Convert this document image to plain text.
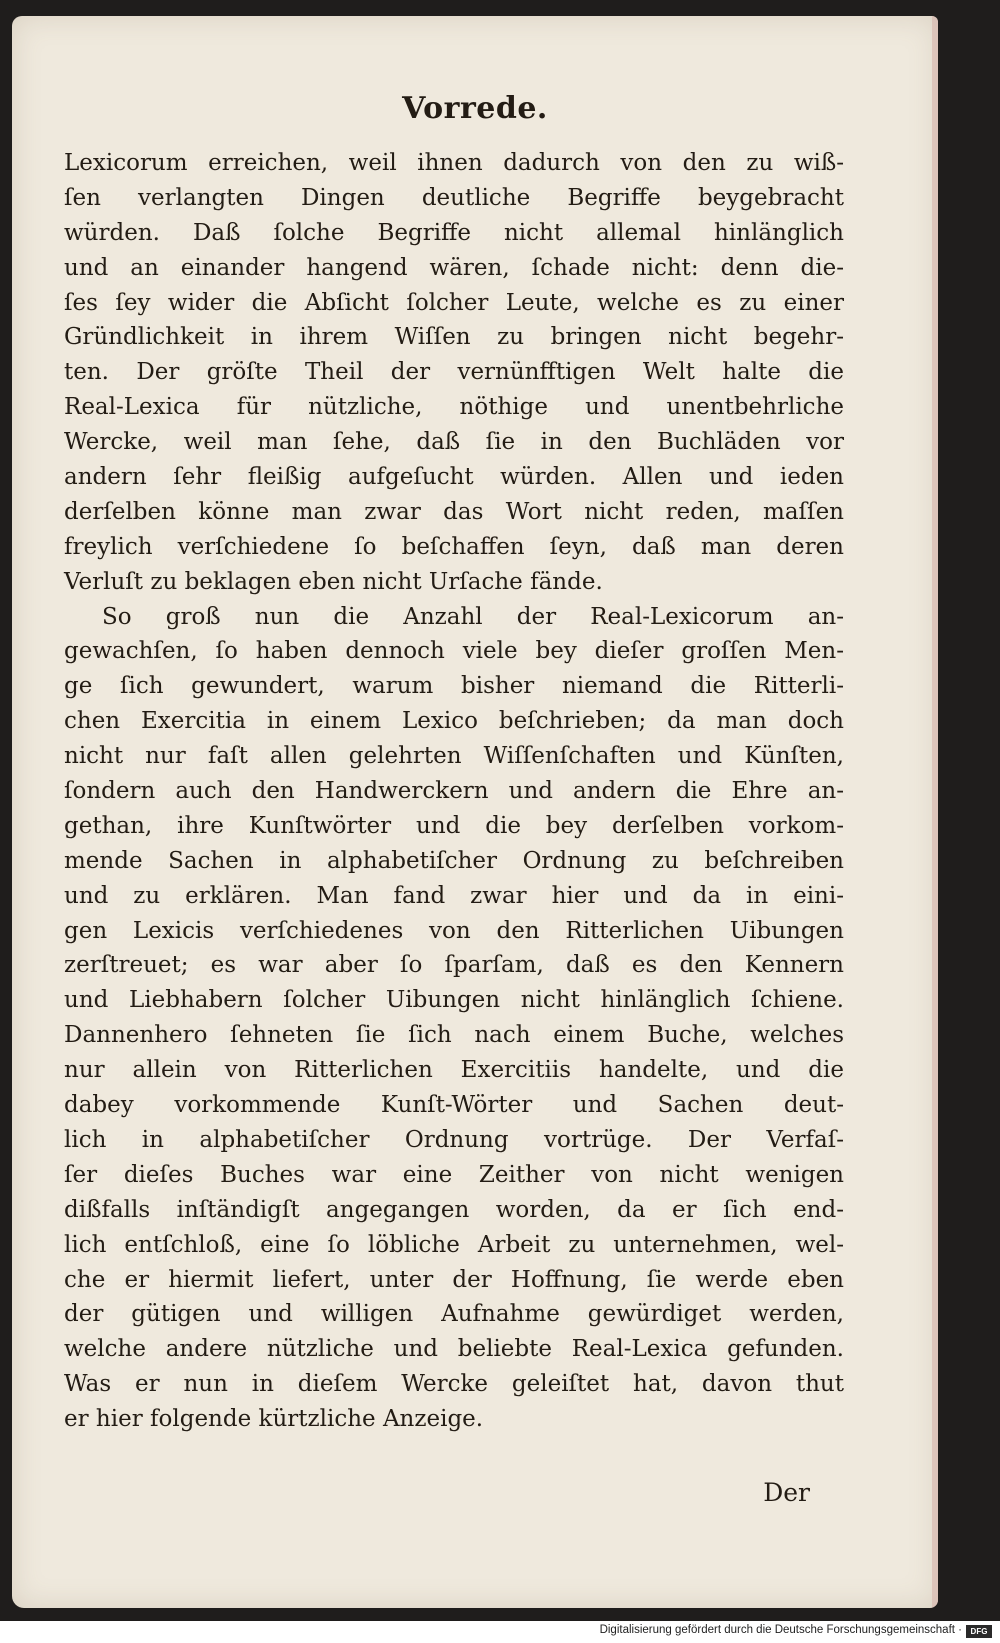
Vorrede.
Lexicorum erreichen, weil ihnen dadurch von den zu wiß-
ſen verlangten Dingen deutliche Begriffe beygebracht
würden. Daß ſolche Begriffe nicht allemal hinlänglich
und an einander hangend wären, ſchade nicht: denn die-
ſes ſey wider die Abſicht ſolcher Leute, welche es zu einer
Gründlichkeit in ihrem Wiſſen zu bringen nicht begehr-
ten. Der gröſte Theil der vernünfftigen Welt halte die
Real-Lexica für nützliche, nöthige und unentbehrliche
Wercke, weil man ſehe, daß ſie in den Buchläden vor
andern ſehr fleißig aufgeſucht würden. Allen und ieden
derſelben könne man zwar das Wort nicht reden, maſſen
freylich verſchiedene ſo beſchaffen ſeyn, daß man deren
Verluſt zu beklagen eben nicht Urſache fände.
So groß nun die Anzahl der Real-Lexicorum an-
gewachſen, ſo haben dennoch viele bey dieſer groſſen Men-
ge ſich gewundert, warum bisher niemand die Ritterli-
chen Exercitia in einem Lexico beſchrieben; da man doch
nicht nur faſt allen gelehrten Wiſſenſchaften und Künſten,
ſondern auch den Handwerckern und andern die Ehre an-
gethan, ihre Kunſtwörter und die bey derſelben vorkom-
mende Sachen in alphabetiſcher Ordnung zu beſchreiben
und zu erklären. Man fand zwar hier und da in eini-
gen Lexicis verſchiedenes von den Ritterlichen Uibungen
zerſtreuet; es war aber ſo ſparſam, daß es den Kennern
und Liebhabern ſolcher Uibungen nicht hinlänglich ſchiene.
Dannenhero ſehneten ſie ſich nach einem Buche, welches
nur allein von Ritterlichen Exercitiis handelte, und die
dabey vorkommende Kunſt-Wörter und Sachen deut-
lich in alphabetiſcher Ordnung vortrüge. Der Verfaſ-
ſer dieſes Buches war eine Zeither von nicht wenigen
dißfalls inſtändigſt angegangen worden, da er ſich end-
lich entſchloß, eine ſo löbliche Arbeit zu unternehmen, wel-
che er hiermit liefert, unter der Hoffnung, ſie werde eben
der gütigen und willigen Aufnahme gewürdiget werden,
welche andere nützliche und beliebte Real-Lexica gefunden.
Was er nun in dieſem Wercke geleiſtet hat, davon thut
er hier folgende kürtzliche Anzeige.
Der
Digitalisierung gefördert durch die Deutsche Forschungsgemeinschaft ·	DFG
